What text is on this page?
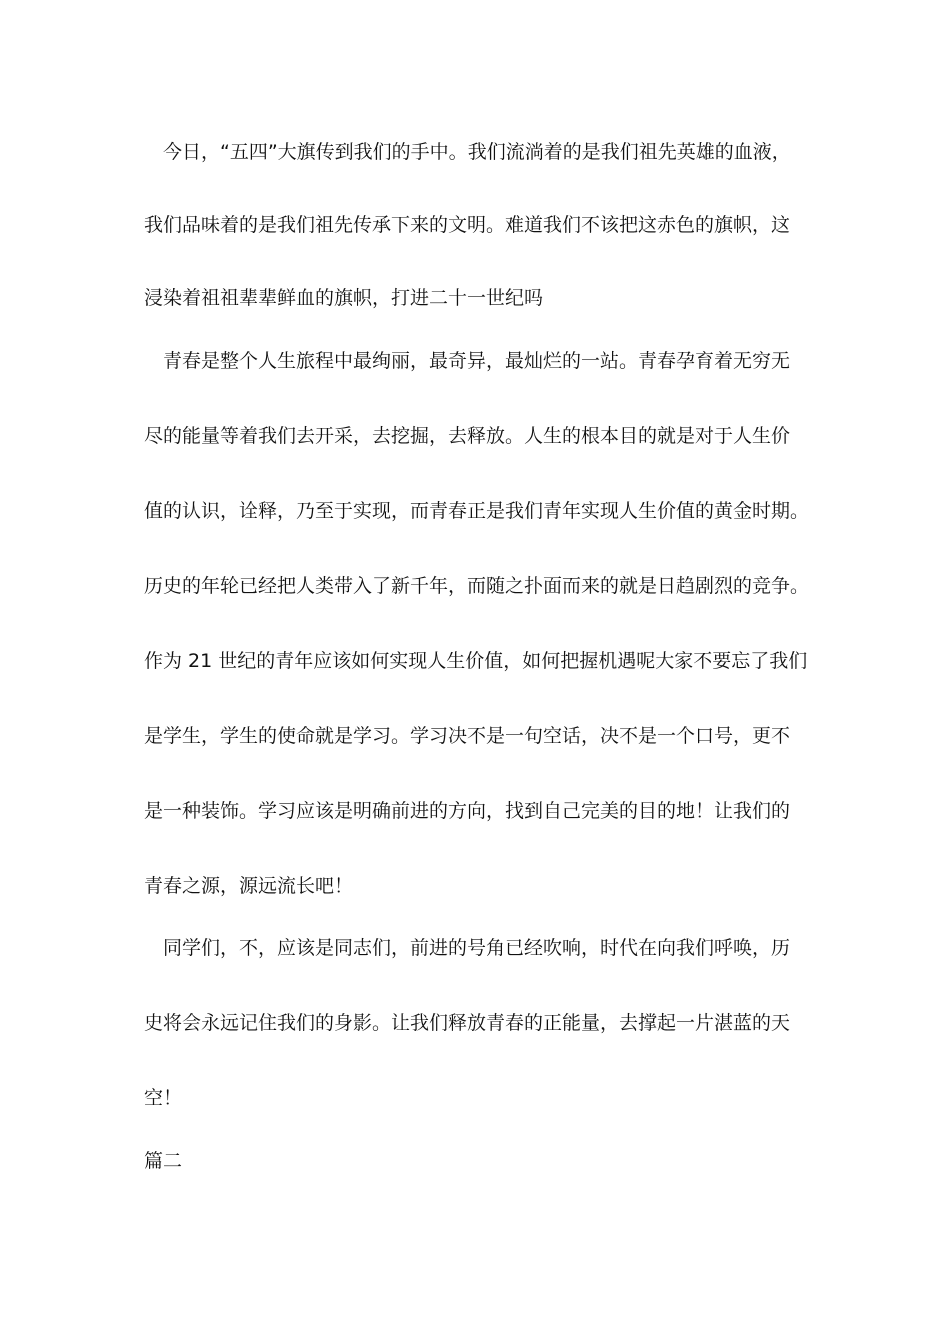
　今日，“五四”大旗传到我们的手中。我们流淌着的是我们祖先英雄的血液，
我们品味着的是我们祖先传承下来的文明。难道我们不该把这赤色的旗帜，这
浸染着祖祖辈辈鲜血的旗帜，打进二十一世纪吗
　青春是整个人生旅程中最绚丽，最奇异，最灿烂的一站。青春孕育着无穷无
尽的能量等着我们去开采，去挖掘，去释放。人生的根本目的就是对于人生价
值的认识，诠释，乃至于实现，而青春正是我们青年实现人生价值的黄金时期。
历史的年轮已经把人类带入了新千年，而随之扑面而来的就是日趋剧烈的竞争。
作为 21 世纪的青年应该如何实现人生价值，如何把握机遇呢大家不要忘了我们
是学生，学生的使命就是学习。学习决不是一句空话，决不是一个口号，更不
是一种装饰。学习应该是明确前进的方向，找到自己完美的目的地！让我们的
青春之源，源远流长吧！
　同学们，不，应该是同志们，前进的号角已经吹响，时代在向我们呼唤，历
史将会永远记住我们的身影。让我们释放青春的正能量，去撑起一片湛蓝的天
空！
篇二
